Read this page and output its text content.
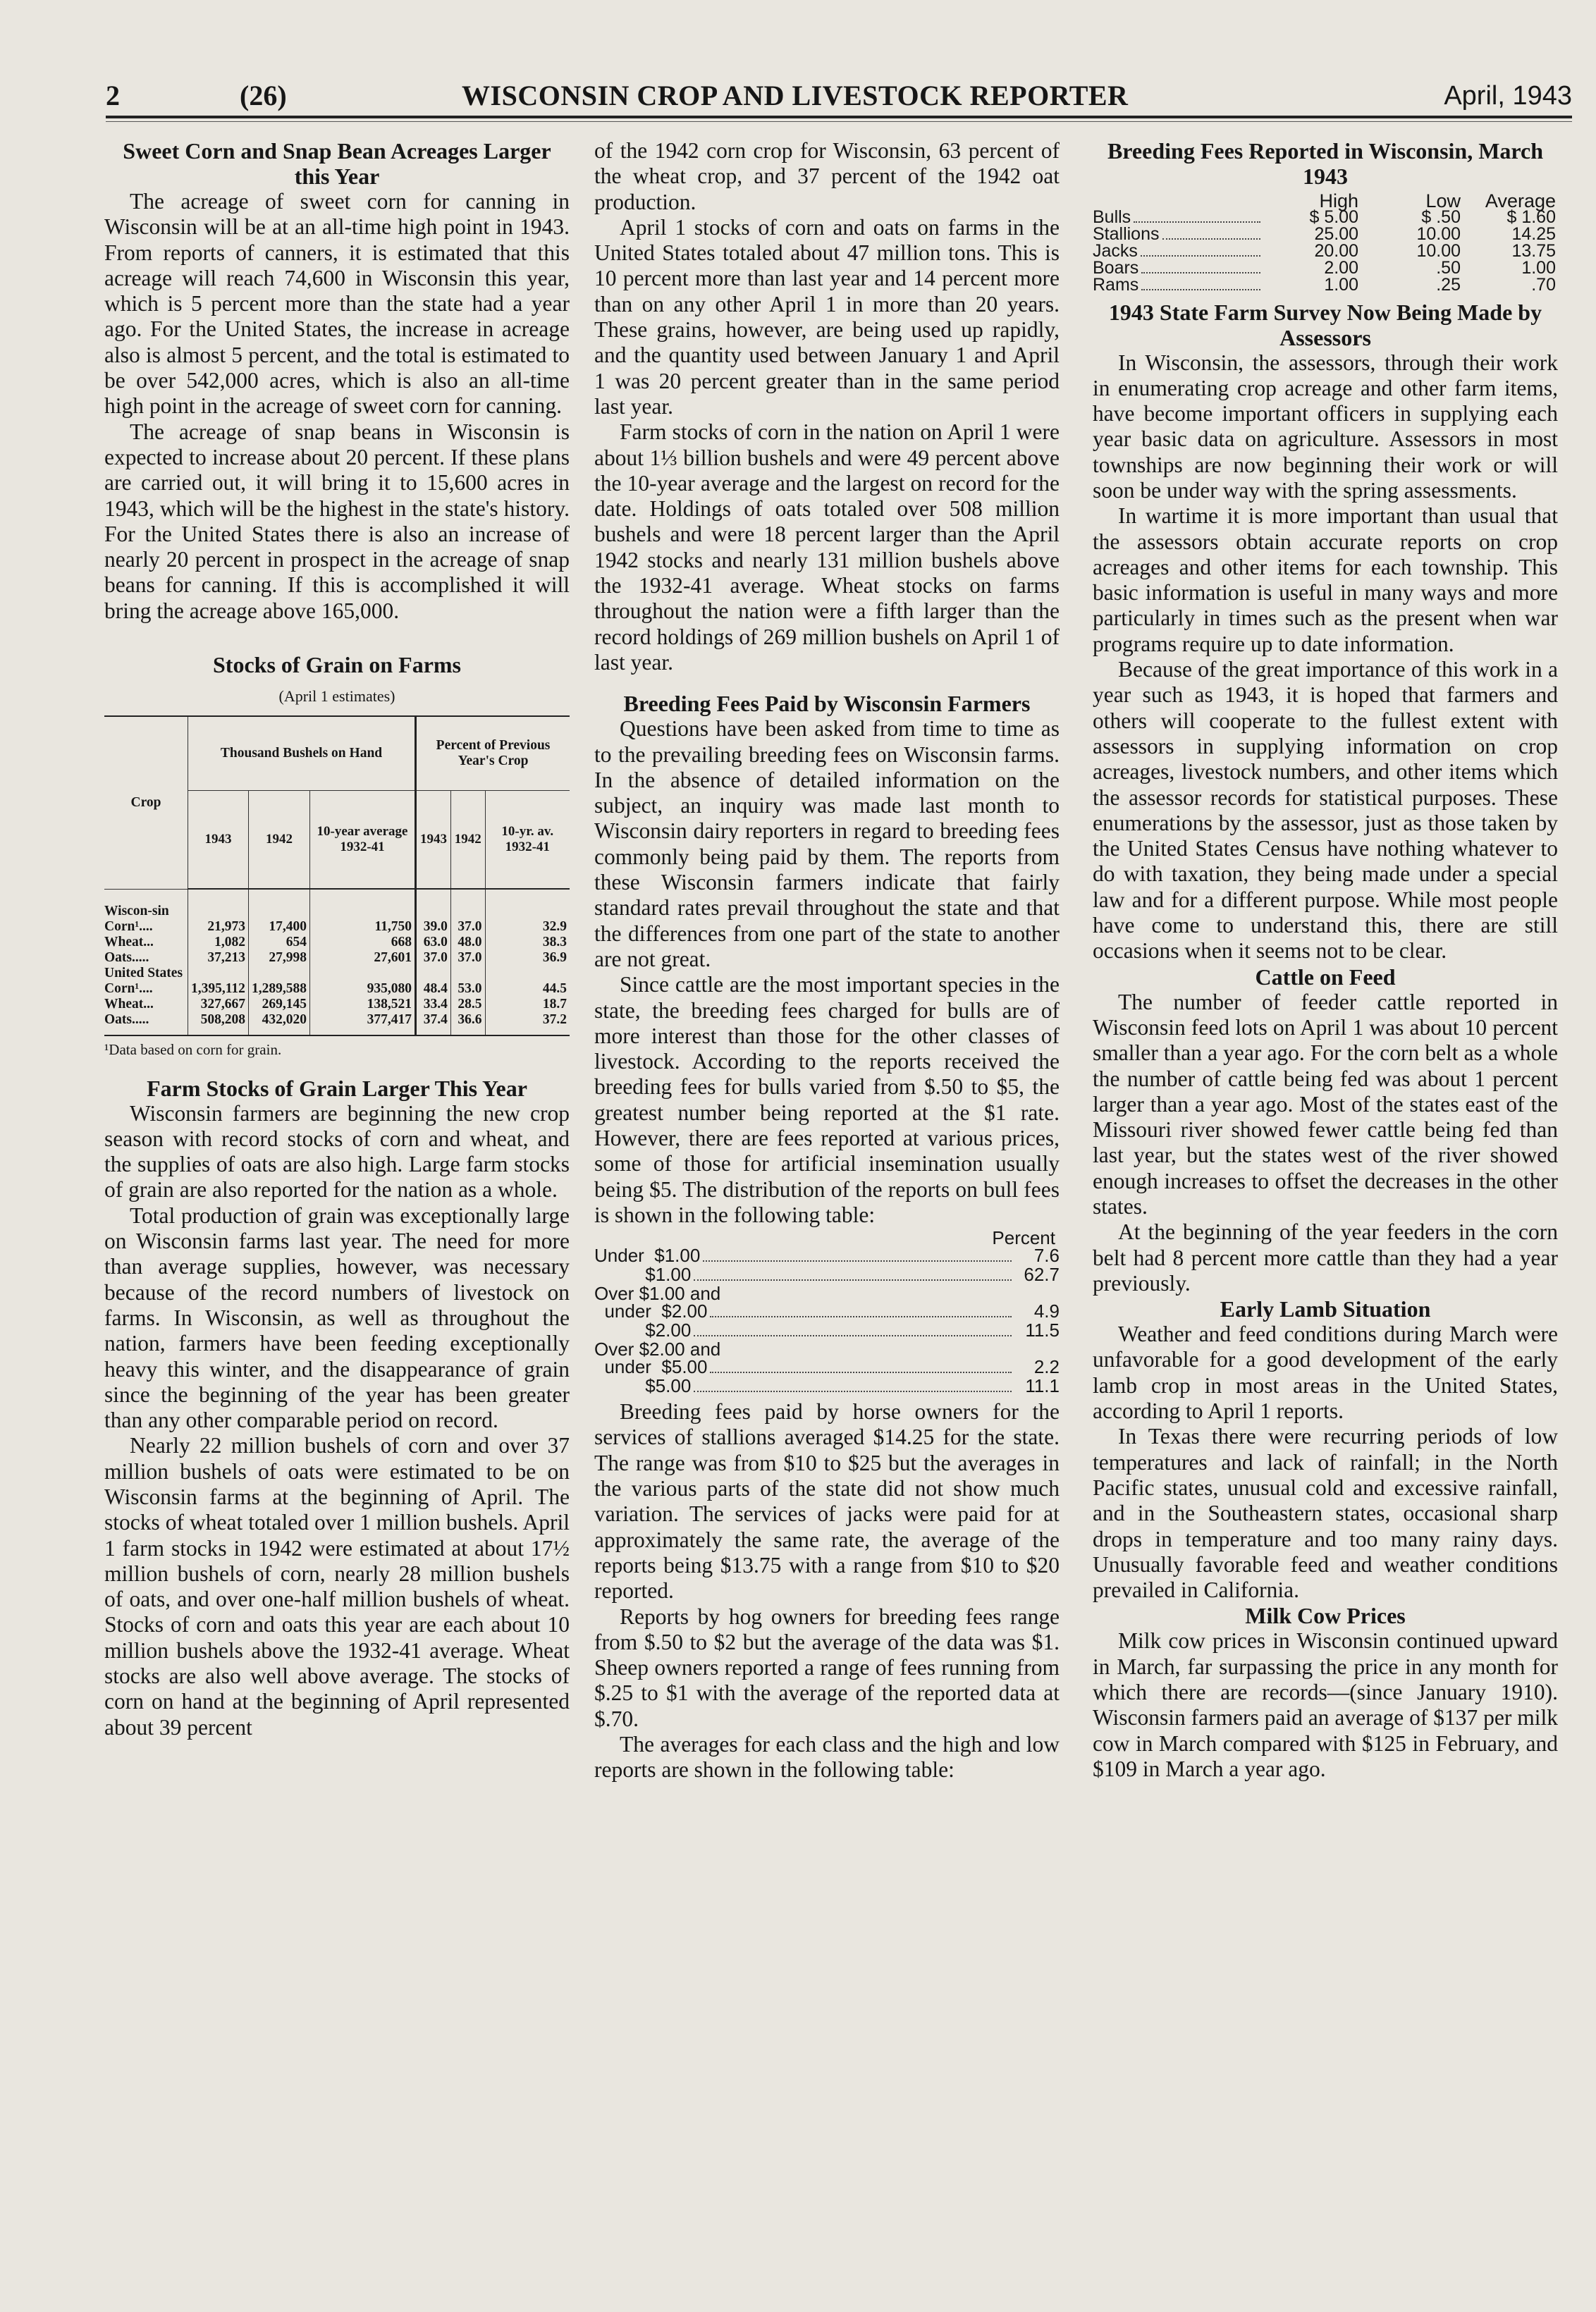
2	(26)	WISCONSIN CROP AND LIVESTOCK REPORTER	April, 1943
Sweet Corn and Snap Bean Acreages Larger this Year

The acreage of sweet corn for canning in Wisconsin will be at an all-time high point in 1943. From reports of canners, it is estimated that this acreage will reach 74,600 in Wisconsin this year, which is 5 percent more than the state had a year ago. For the United States, the increase in acreage also is almost 5 percent, and the total is estimated to be over 542,000 acres, which is also an all-time high point in the acreage of sweet corn for canning.

The acreage of snap beans in Wisconsin is expected to increase about 20 percent. If these plans are carried out, it will bring it to 15,600 acres in 1943, which will be the highest in the state's history. For the United States there is also an increase of nearly 20 percent in prospect in the acreage of snap beans for canning. If this is accomplished it will bring the acreage above 165,000.

Stocks of Grain on Farms
(April 1 estimates)
Crop	Thousand Bushels on Hand			Percent of Previous Year's Crop		
	1943	1942	10-year average 1932-41	1943	1942	10-yr. av. 1932-41
Wiscon-sin						
Corn¹....	21,973	17,400	11,750	39.0	37.0	32.9
Wheat...	1,082	654	668	63.0	48.0	38.3
Oats.....	37,213	27,998	27,601	37.0	37.0	36.9
United States						
Corn¹....	1,395,112	1,289,588	935,080	48.4	53.0	44.5
Wheat...	327,667	269,145	138,521	33.4	28.5	18.7
Oats.....	508,208	432,020	377,417	37.4	36.6	37.2
¹Data based on corn for grain.
Farm Stocks of Grain Larger This Year

Wisconsin farmers are beginning the new crop season with record stocks of corn and wheat, and the supplies of oats are also high. Large farm stocks of grain are also reported for the nation as a whole.

Total production of grain was exceptionally large on Wisconsin farms last year. The need for more than average supplies, however, was necessary because of the record numbers of livestock on farms. In Wisconsin, as well as throughout the nation, farmers have been feeding exceptionally heavy this winter, and the disappearance of grain since the beginning of the year has been greater than any other comparable period on record.

Nearly 22 million bushels of corn and over 37 million bushels of oats were estimated to be on Wisconsin farms at the beginning of April. The stocks of wheat totaled over 1 million bushels. April 1 farm stocks in 1942 were estimated at about 17½ million bushels of corn, nearly 28 million bushels of oats, and over one-half million bushels of wheat. Stocks of corn and oats this year are each about 10 million bushels above the 1932-41 average. Wheat stocks are also well above average. The stocks of corn on hand at the beginning of April represented about 39 percent

of the 1942 corn crop for Wisconsin, 63 percent of the wheat crop, and 37 percent of the 1942 oat production.

April 1 stocks of corn and oats on farms in the United States totaled about 47 million tons. This is 10 percent more than last year and 14 percent more than on any other April 1 in more than 20 years. These grains, however, are being used up rapidly, and the quantity used between January 1 and April 1 was 20 percent greater than in the same period last year.

Farm stocks of corn in the nation on April 1 were about 1⅓ billion bushels and were 49 percent above the 10-year average and the largest on record for the date. Holdings of oats totaled over 508 million bushels and were 18 percent larger than the April 1942 stocks and nearly 131 million bushels above the 1932-41 average. Wheat stocks on farms throughout the nation were a fifth larger than the record holdings of 269 million bushels on April 1 of last year.

Breeding Fees Paid by Wisconsin Farmers

Questions have been asked from time to time as to the prevailing breeding fees on Wisconsin farms. In the absence of detailed information on the subject, an inquiry was made last month to Wisconsin dairy reporters in regard to breeding fees commonly being paid by them. The reports from these Wisconsin farmers indicate that fairly standard rates prevail throughout the state and that the differences from one part of the state to another are not great.

Since cattle are the most important species in the state, the breeding fees charged for bulls are of more interest than those for the other classes of livestock. According to the reports received the breeding fees for bulls varied from $.50 to $5, the greatest number being reported at the $1 rate. However, there are fees reported at various prices, some of those for artificial insemination usually being $5. The distribution of the reports on bull fees is shown in the following table:

Percent
Under  $1.00	7.6
$1.00	62.7
Over $1.00 and
under  $2.00	4.9
$2.00	11.5
Over $2.00 and
under  $5.00	2.2
$5.00	11.1

Breeding fees paid by horse owners for the services of stallions averaged $14.25 for the state. The range was from $10 to $25 but the averages in the various parts of the state did not show much variation. The services of jacks were paid for at approximately the same rate, the average of the reports being $13.75 with a range from $10 to $20 reported.

Reports by hog owners for breeding fees range from $.50 to $2 but the average of the data was $1. Sheep owners reported a range of fees running from $.25 to $1 with the average of the reported data at $.70.

The averages for each class and the high and low reports are shown in the following table:

Breeding Fees Reported in Wisconsin, March 1943
High	Low	Average
Bulls	$ 5.00	$ .50	$ 1.60
Stallions	25.00	10.00	14.25
Jacks	20.00	10.00	13.75
Boars	2.00	.50	1.00
Rams	1.00	.25	.70
1943 State Farm Survey Now Being Made by Assessors

In Wisconsin, the assessors, through their work in enumerating crop acreage and other farm items, have become important officers in supplying each year basic data on agriculture. Assessors in most townships are now beginning their work or will soon be under way with the spring assessments.

In wartime it is more important than usual that the assessors obtain accurate reports on crop acreages and other items for each township. This basic information is useful in many ways and more particularly in times such as the present when war programs require up to date information.

Because of the great importance of this work in a year such as 1943, it is hoped that farmers and others will cooperate to the fullest extent with assessors in supplying information on crop acreages, livestock numbers, and other items which the assessor records for statistical purposes. These enumerations by the assessor, just as those taken by the United States Census have nothing whatever to do with taxation, they being made under a special law and for a different purpose. While most people have come to understand this, there are still occasions when it seems not to be clear.

Cattle on Feed

The number of feeder cattle reported in Wisconsin feed lots on April 1 was about 10 percent smaller than a year ago. For the corn belt as a whole the number of cattle being fed was about 1 percent larger than a year ago. Most of the states east of the Missouri river showed fewer cattle being fed than last year, but the states west of the river showed enough increases to offset the decreases in the other states.

At the beginning of the year feeders in the corn belt had 8 percent more cattle than they had a year previously.

Early Lamb Situation

Weather and feed conditions during March were unfavorable for a good development of the early lamb crop in most areas in the United States, according to April 1 reports.

In Texas there were recurring periods of low temperatures and lack of rainfall; in the North Pacific states, unusual cold and excessive rainfall, and in the Southeastern states, occasional sharp drops in temperature and too many rainy days. Unusually favorable feed and weather conditions prevailed in California.

Milk Cow Prices

Milk cow prices in Wisconsin continued upward in March, far surpassing the price in any month for which there are records—(since January 1910). Wisconsin farmers paid an average of $137 per milk cow in March compared with $125 in February, and $109 in March a year ago.
